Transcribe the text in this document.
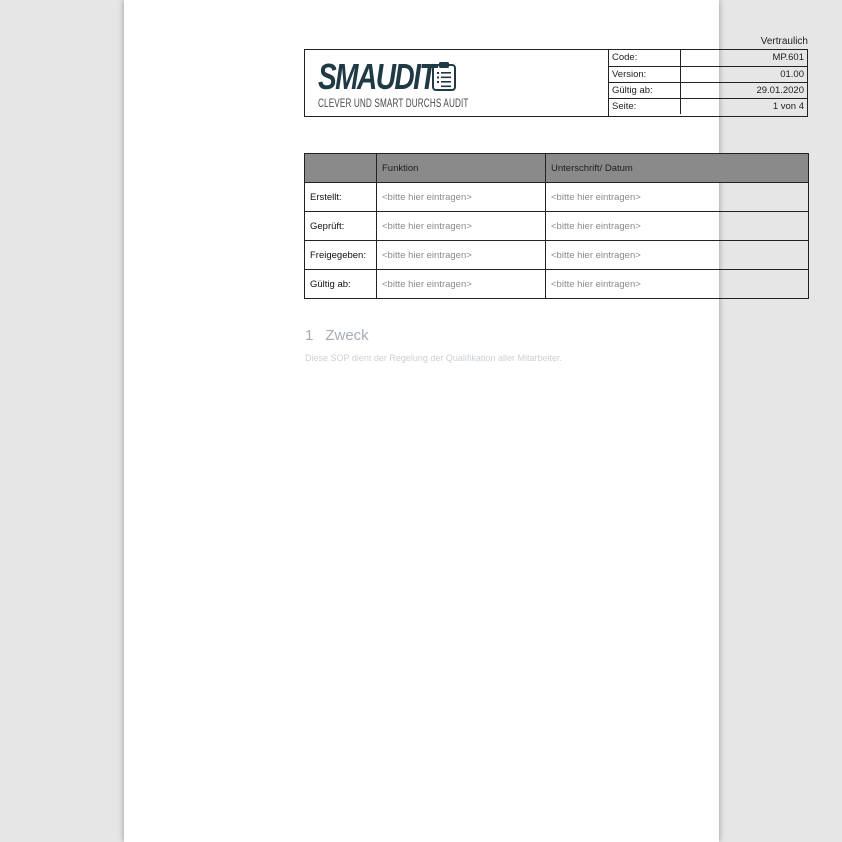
Vertraulich
SMAUDIT
CLEVER UND SMART DURCHS AUDIT
Code:	MP.601
Version:	01.00
Gültig ab:	29.01.2020
Seite:	1 von 4
	Funktion	Unterschrift/ Datum
Erstellt:	<bitte hier eintragen>	<bitte hier eintragen>
Geprüft:	<bitte hier eintragen>	<bitte hier eintragen>
Freigegeben:	<bitte hier eintragen>	<bitte hier eintragen>
Gültig ab:	<bitte hier eintragen>	<bitte hier eintragen>
1 Zweck
Diese SOP dient der Regelung der Qualifikation aller Mitarbeiter.
